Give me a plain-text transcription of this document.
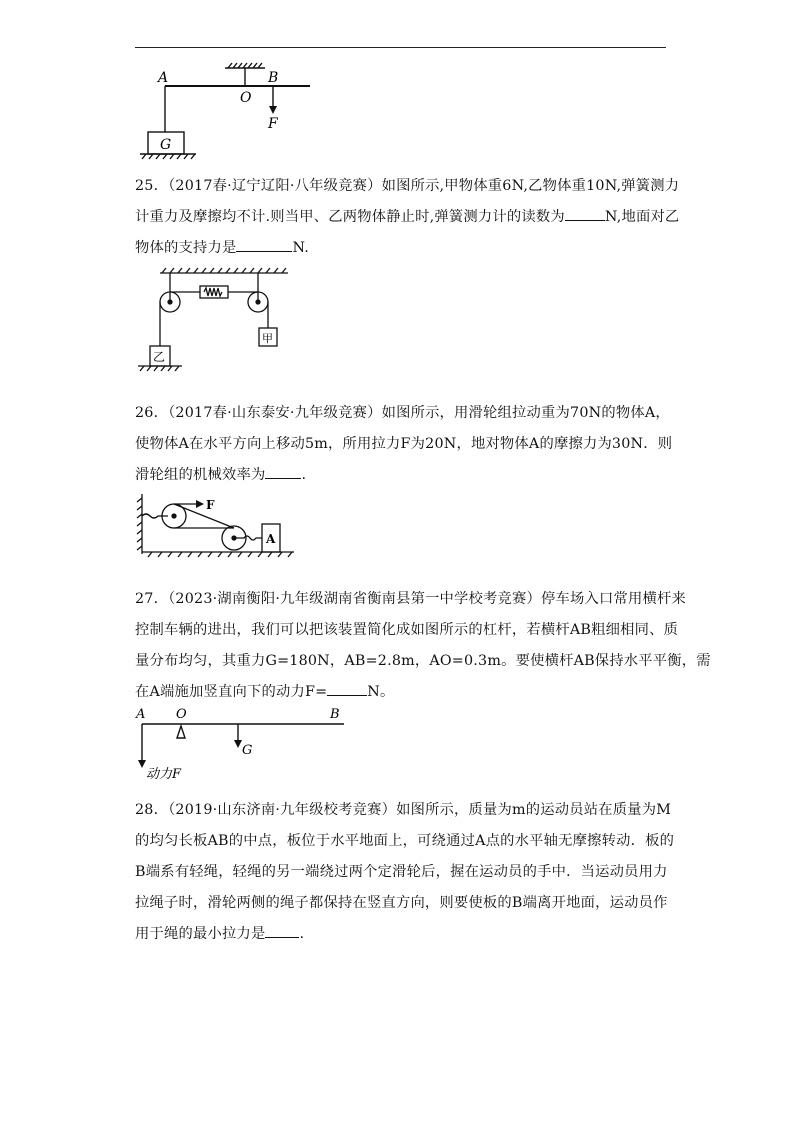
A
O
B
F
G
25．（2017春·辽宁辽阳·八年级竞赛）如图所示,甲物体重6N,乙物体重10N,弹簧测力
计重力及摩擦均不计.则当甲、乙两物体静止时,弹簧测力计的读数为	N,地面对乙
物体的支持力是	N.
甲
乙
26．（2017春·山东泰安·九年级竞赛）如图所示，用滑轮组拉动重为70N的物体A，
使物体A在水平方向上移动5m，所用拉力F为20N，地对物体A的摩擦力为30N．则
滑轮组的机械效率为	.
F
A
27．（2023·湖南衡阳·九年级湖南省衡南县第一中学校考竞赛）停车场入口常用横杆来
控制车辆的进出，我们可以把该装置简化成如图所示的杠杆，若横杆AB粗细相同、质
量分布均匀，其重力G=180N，AB=2.8m，AO=0.3m。要使横杆AB保持水平平衡，需
在A端施加竖直向下的动力F=	N。
A O	B
G
动力F
28．（2019·山东济南·九年级校考竞赛）如图所示，质量为m的运动员站在质量为M
的均匀长板AB的中点，板位于水平地面上，可绕通过A点的水平轴无摩擦转动．板的
B端系有轻绳，轻绳的另一端绕过两个定滑轮后，握在运动员的手中．当运动员用力
拉绳子时，滑轮两侧的绳子都保持在竖直方向，则要使板的B端离开地面，运动员作
用于绳的最小拉力是 .
